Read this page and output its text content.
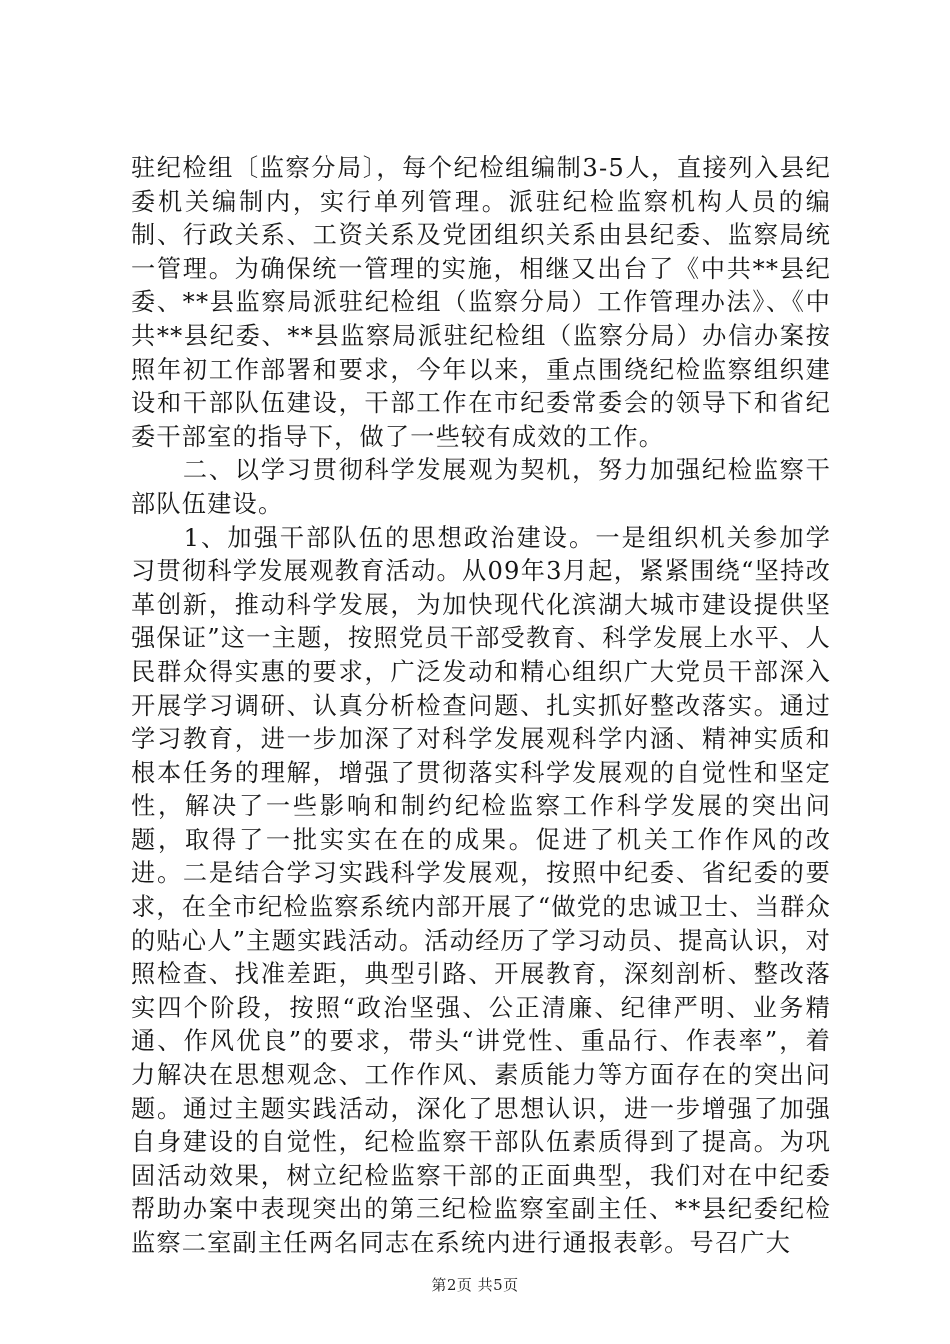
驻纪检组〔监察分局〕，每个纪检组编制3-5人，直接列入县纪委机关编制内，实行单列管理。派驻纪检监察机构人员的编制、行政关系、工资关系及党团组织关系由县纪委、监察局统一管理。为确保统一管理的实施，相继又出台了《中共**县纪委、**县监察局派驻纪检组（监察分局）工作管理办法》、《中共**县纪委、**县监察局派驻纪检组（监察分局）办信办案按照年初工作部署和要求，今年以来，重点围绕纪检监察组织建设和干部队伍建设，干部工作在市纪委常委会的领导下和省纪委干部室的指导下，做了一些较有成效的工作。

　　二、以学习贯彻科学发展观为契机，努力加强纪检监察干部队伍建设。

　　1、加强干部队伍的思想政治建设。一是组织机关参加学习贯彻科学发展观教育活动。从09年3月起，紧紧围绕“坚持改革创新，推动科学发展，为加快现代化滨湖大城市建设提供坚强保证”这一主题，按照党员干部受教育、科学发展上水平、人民群众得实惠的要求，广泛发动和精心组织广大党员干部深入开展学习调研、认真分析检查问题、扎实抓好整改落实。通过学习教育，进一步加深了对科学发展观科学内涵、精神实质和根本任务的理解，增强了贯彻落实科学发展观的自觉性和坚定性，解决了一些影响和制约纪检监察工作科学发展的突出问题，取得了一批实实在在的成果。促进了机关工作作风的改进。二是结合学习实践科学发展观，按照中纪委、省纪委的要求，在全市纪检监察系统内部开展了“做党的忠诚卫士、当群众的贴心人”主题实践活动。活动经历了学习动员、提高认识，对照检查、找准差距，典型引路、开展教育，深刻剖析、整改落实四个阶段，按照“政治坚强、公正清廉、纪律严明、业务精通、作风优良”的要求，带头“讲党性、重品行、作表率”，着力解决在思想观念、工作作风、素质能力等方面存在的突出问题。通过主题实践活动，深化了思想认识，进一步增强了加强自身建设的自觉性，纪检监察干部队伍素质得到了提高。为巩固活动效果，树立纪检监察干部的正面典型，我们对在中纪委帮助办案中表现突出的第三纪检监察室副主任、**县纪委纪检监察二室副主任两名同志在系统内进行通报表彰。号召广大

第2页 共5页
